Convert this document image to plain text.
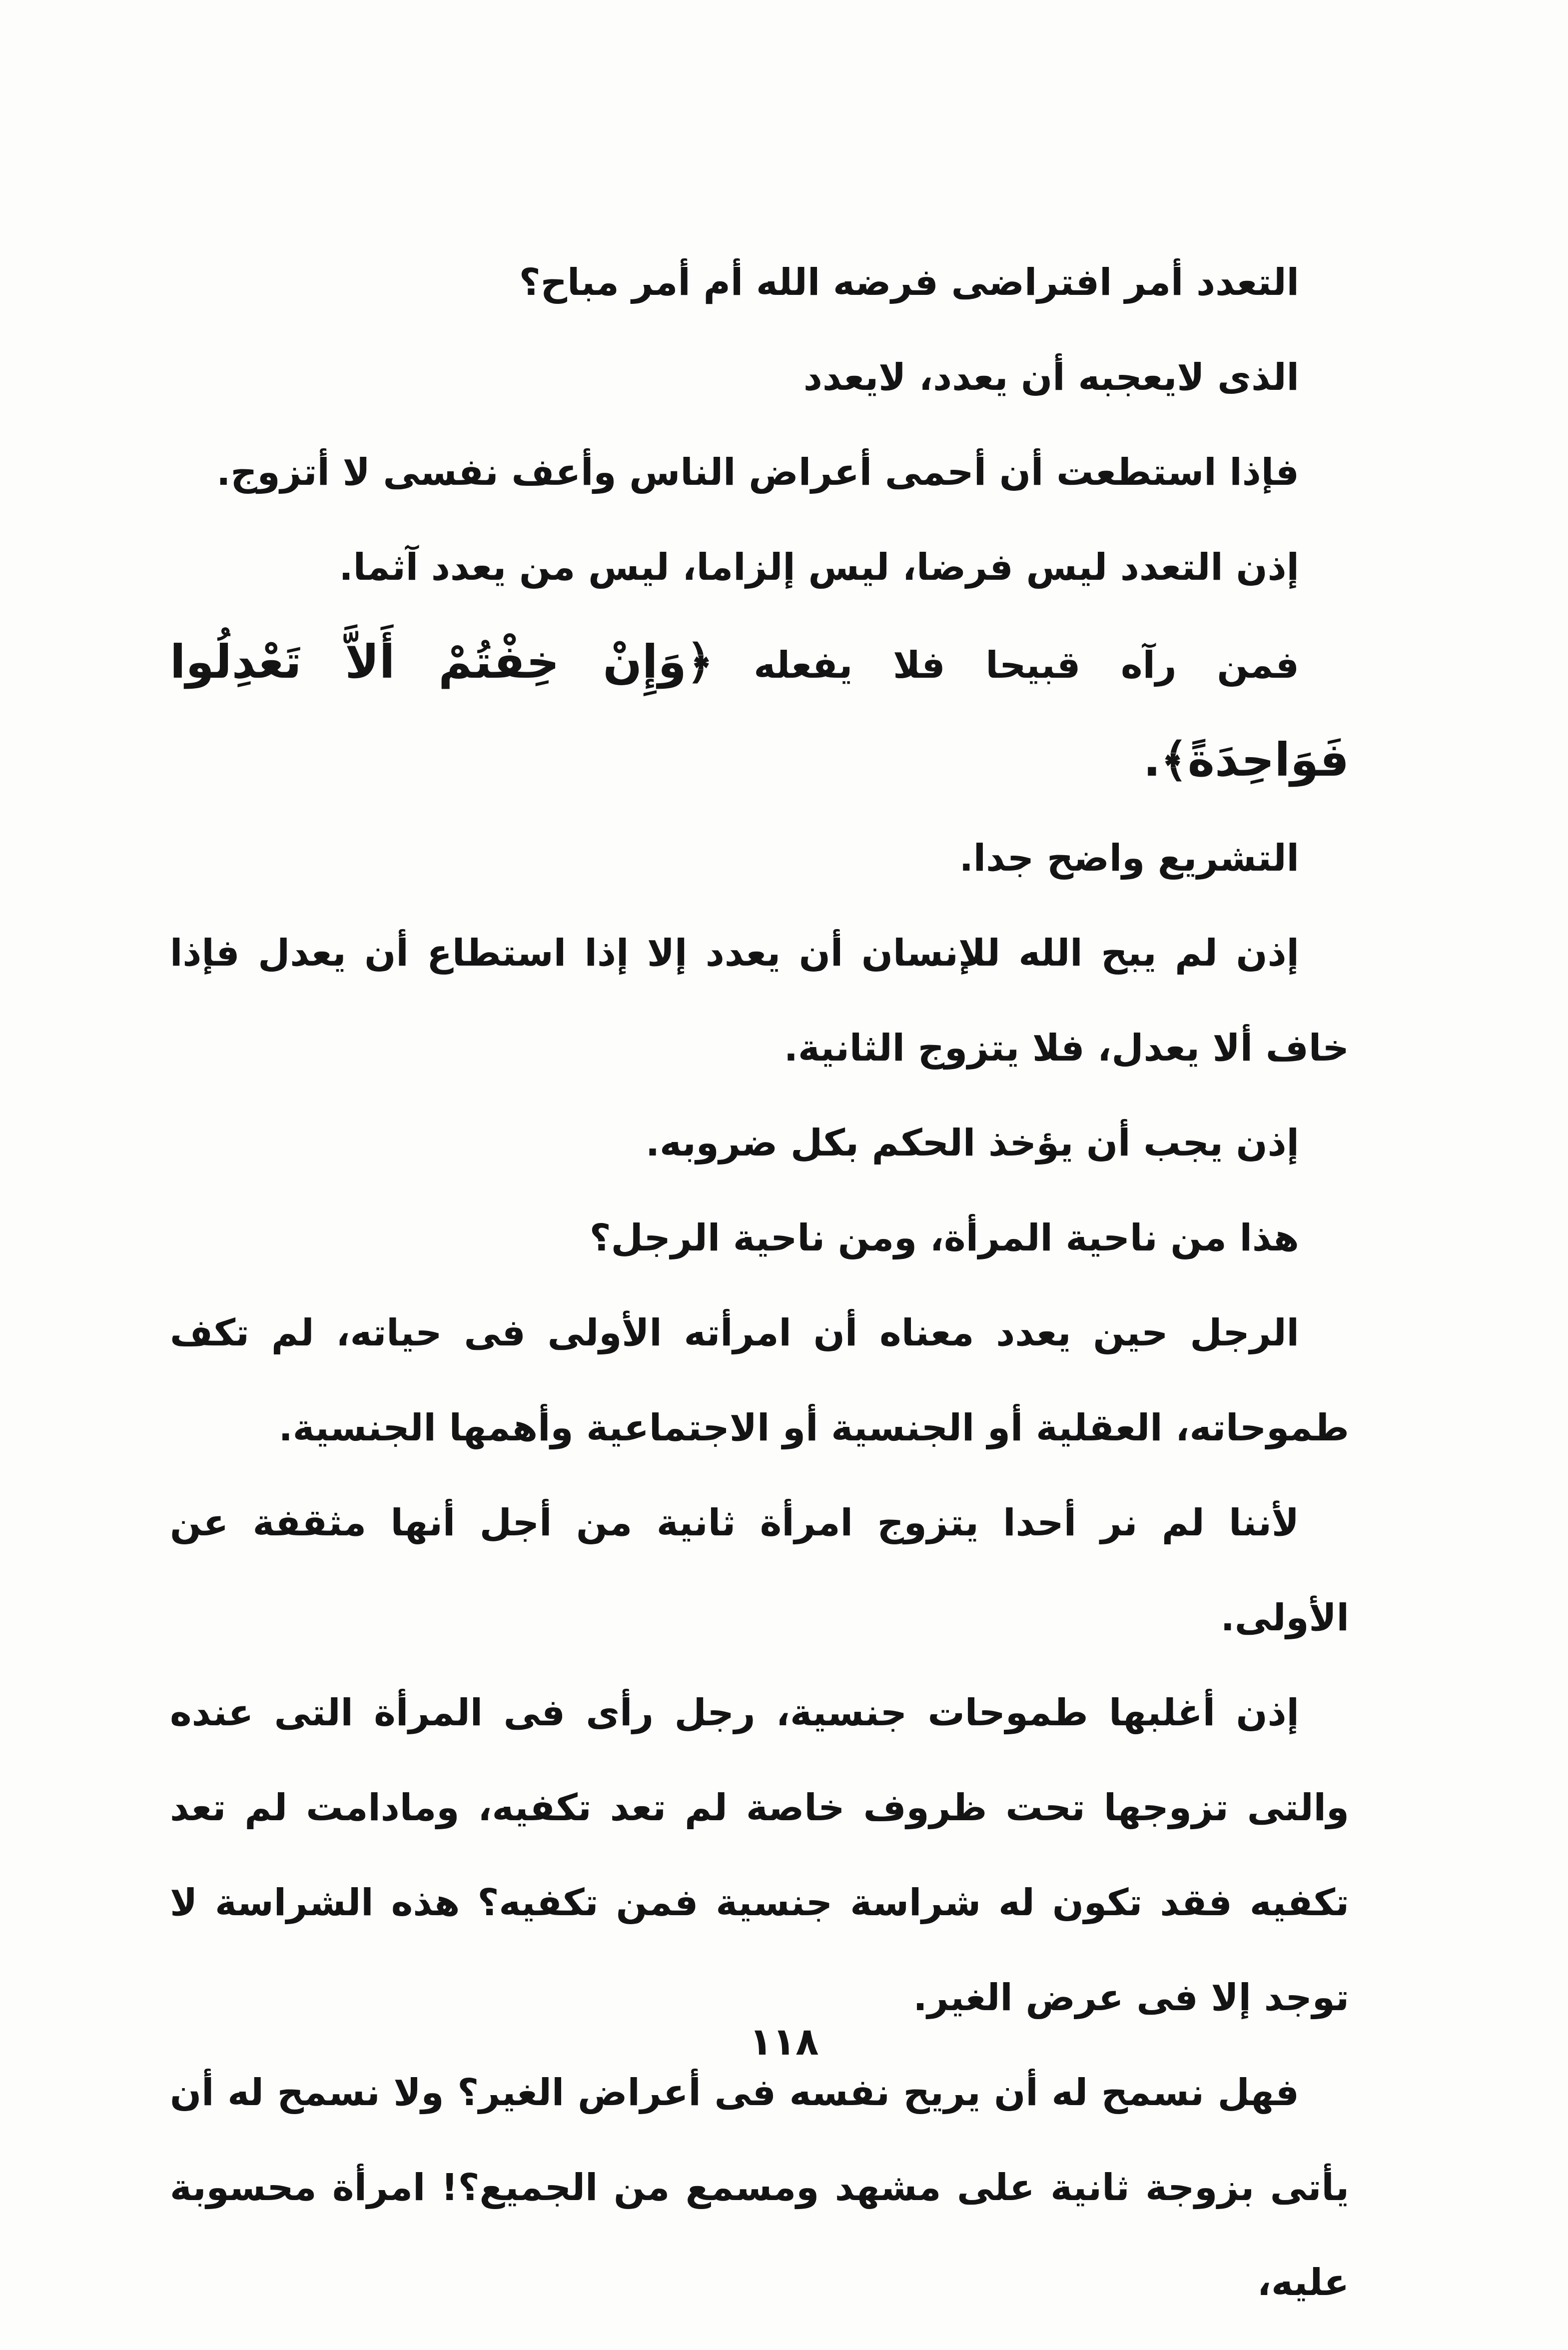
التعدد أمر افتراضى فرضه الله أم أمر مباح؟

الذى لايعجبه أن يعدد، لايعدد

فإذا استطعت أن أحمى أعراض الناس وأعف نفسى لا أتزوج.

إذن التعدد ليس فرضا، ليس إلزاما، ليس من يعدد آثما.

فمن رآه قبيحا فلا يفعله ﴿وَإِنْ خِفْتُمْ أَلاَّ تَعْدِلُوا فَوَاحِدَةً﴾.

التشريع واضح جدا.

إذن لم يبح الله للإنسان أن يعدد إلا إذا استطاع أن يعدل فإذا خاف ألا يعدل، فلا يتزوج الثانية.

إذن يجب أن يؤخذ الحكم بكل ضروبه.

هذا من ناحية المرأة، ومن ناحية الرجل؟

الرجل حين يعدد معناه أن امرأته الأولى فى حياته، لم تكف طموحاته، العقلية أو الجنسية أو الاجتماعية وأهمها الجنسية.

لأننا لم نر أحدا يتزوج امرأة ثانية من أجل أنها مثقفة عن الأولى.

إذن أغلبها طموحات جنسية، رجل رأى فى المرأة التى عنده والتى تزوجها تحت ظروف خاصة لم تعد تكفيه، ومادامت لم تعد تكفيه فقد تكون له شراسة جنسية فمن تكفيه؟ هذه الشراسة لا توجد إلا فى عرض الغير.

فهل نسمح له أن يريح نفسه فى أعراض الغير؟ ولا نسمح له أن يأتى بزوجة ثانية على مشهد ومسمع من الجميع؟! امرأة محسوبة عليه،

١١٨
